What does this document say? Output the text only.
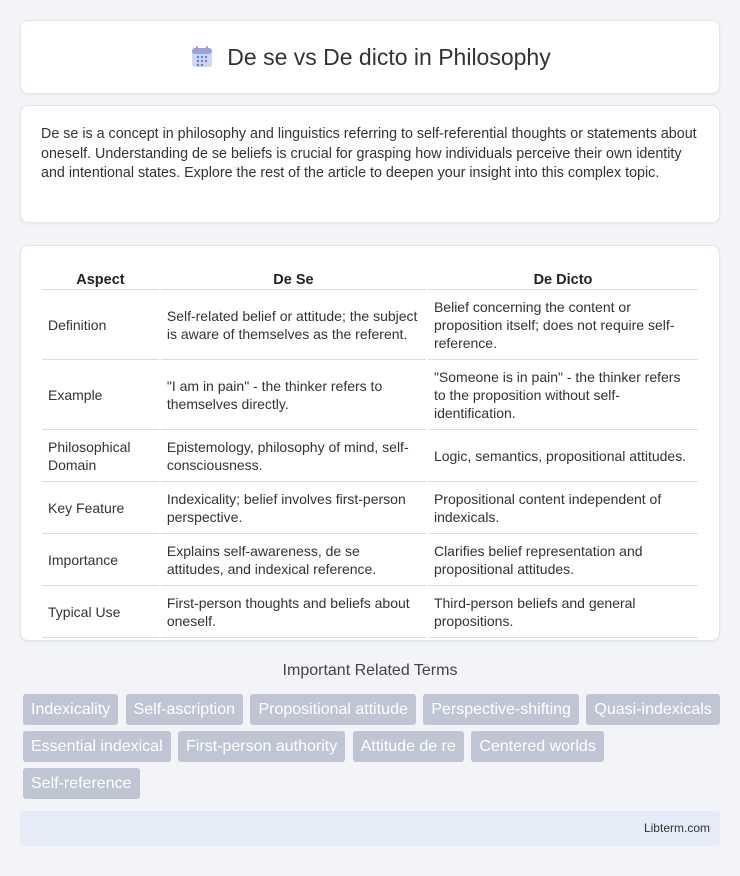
De se vs De dicto in Philosophy

De se is a concept in philosophy and linguistics referring to self-referential thoughts or statements about oneself. Understanding de se beliefs is crucial for grasping how individuals perceive their own identity and intentional states. Explore the rest of the article to deepen your insight into this complex topic.

Aspect	De Se	De Dicto
Definition	Self-related belief or attitude; the subject is aware of themselves as the referent.	Belief concerning the content or proposition itself; does not require self-reference.
Example	"I am in pain" - the thinker refers to themselves directly.	"Someone is in pain" - the thinker refers to the proposition without self-identification.
Philosophical Domain	Epistemology, philosophy of mind, self-consciousness.	Logic, semantics, propositional attitudes.
Key Feature	Indexicality; belief involves first-person perspective.	Propositional content independent of indexicals.
Importance	Explains self-awareness, de se attitudes, and indexical reference.	Clarifies belief representation and propositional attitudes.
Typical Use	First-person thoughts and beliefs about oneself.	Third-person beliefs and general propositions.
Important Related Terms
Indexicality Self-ascription Propositional attitude Perspective-shifting Quasi-indexicals Essential indexical First-person authority Attitude de re Centered worlds Self-reference
Libterm.com
